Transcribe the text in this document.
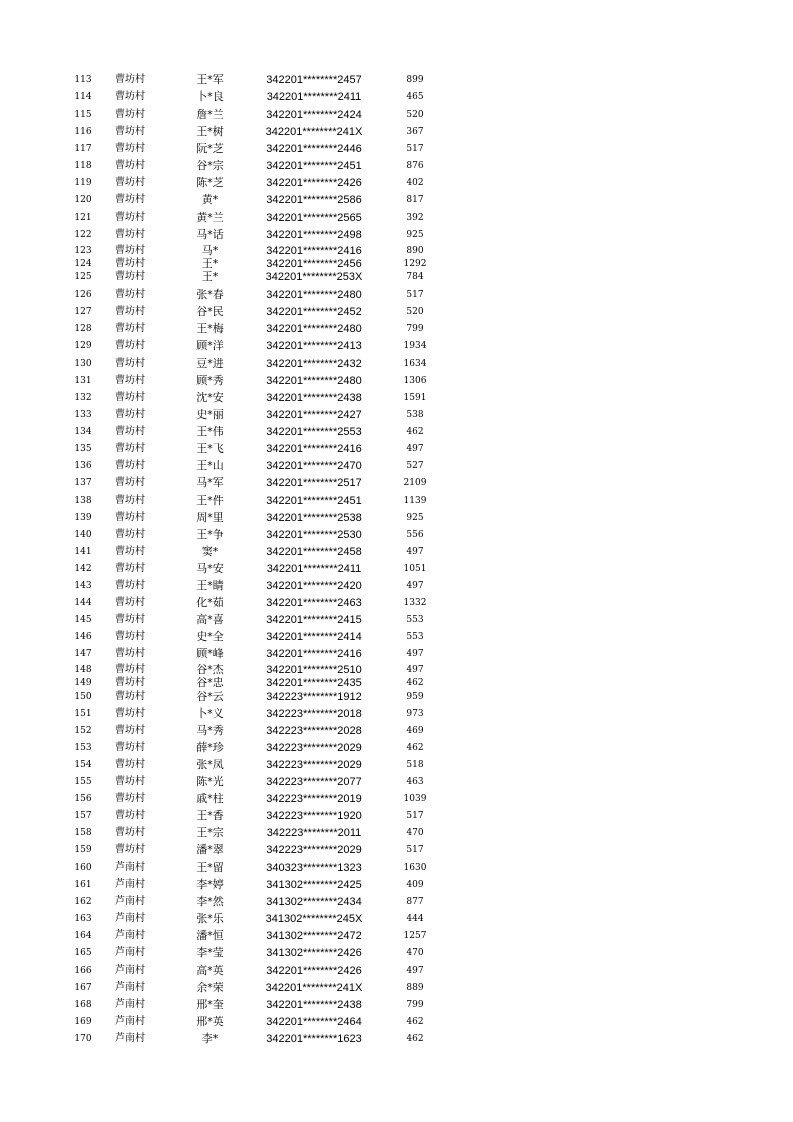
113	曹坊村	王*军	342201********2457	899
114	曹坊村	卜*良	342201********2411	465
115	曹坊村	詹*兰	342201********2424	520
116	曹坊村	王*树	342201********241X	367
117	曹坊村	阮*芝	342201********2446	517
118	曹坊村	谷*宗	342201********2451	876
119	曹坊村	陈*芝	342201********2426	402
120	曹坊村	黄*	342201********2586	817
121	曹坊村	黄*兰	342201********2565	392
122	曹坊村	马*话	342201********2498	925
123	曹坊村	马*	342201********2416	890
124	曹坊村	王*	342201********2456	1292
125	曹坊村	王*	342201********253X	784
126	曹坊村	张*春	342201********2480	517
127	曹坊村	谷*民	342201********2452	520
128	曹坊村	王*梅	342201********2480	799
129	曹坊村	顾*洋	342201********2413	1934
130	曹坊村	豆*进	342201********2432	1634
131	曹坊村	顾*秀	342201********2480	1306
132	曹坊村	沈*安	342201********2438	1591
133	曹坊村	史*丽	342201********2427	538
134	曹坊村	王*伟	342201********2553	462
135	曹坊村	王*飞	342201********2416	497
136	曹坊村	王*山	342201********2470	527
137	曹坊村	马*军	342201********2517	2109
138	曹坊村	王*件	342201********2451	1139
139	曹坊村	周*里	342201********2538	925
140	曹坊村	王*争	342201********2530	556
141	曹坊村	窦*	342201********2458	497
142	曹坊村	马*安	342201********2411	1051
143	曹坊村	王*睛	342201********2420	497
144	曹坊村	化*茹	342201********2463	1332
145	曹坊村	高*喜	342201********2415	553
146	曹坊村	史*全	342201********2414	553
147	曹坊村	顾*峰	342201********2416	497
148	曹坊村	谷*杰	342201********2510	497
149	曹坊村	谷*忠	342201********2435	462
150	曹坊村	谷*云	342223********1912	959
151	曹坊村	卜*义	342223********2018	973
152	曹坊村	马*秀	342223********2028	469
153	曹坊村	薛*珍	342223********2029	462
154	曹坊村	张*凤	342223********2029	518
155	曹坊村	陈*光	342223********2077	463
156	曹坊村	戚*柱	342223********2019	1039
157	曹坊村	王*香	342223********1920	517
158	曹坊村	王*宗	342223********2011	470
159	曹坊村	潘*翠	342223********2029	517
160	芦南村	王*留	340323********1323	1630
161	芦南村	李*婷	341302********2425	409
162	芦南村	李*然	341302********2434	877
163	芦南村	张*乐	341302********245X	444
164	芦南村	潘*恒	341302********2472	1257
165	芦南村	李*莹	341302********2426	470
166	芦南村	高*英	342201********2426	497
167	芦南村	余*荣	342201********241X	889
168	芦南村	邢*奎	342201********2438	799
169	芦南村	邢*英	342201********2464	462
170	芦南村	李*	342201********1623	462
